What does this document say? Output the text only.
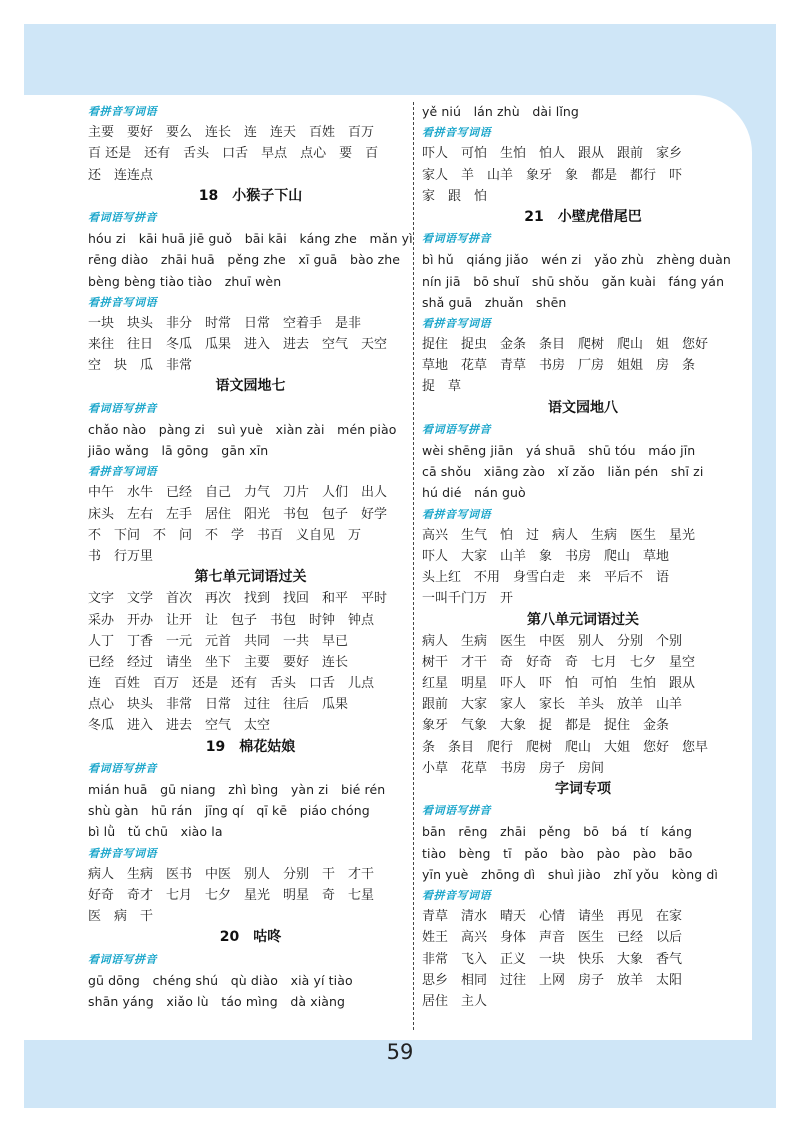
看拼音写词语
主要　要好　要么　连长　连　连天　百姓　百万
百 还是　还有　舌头　口舌　早点　点心　要　百
还　连连点
18　小猴子下山
看词语写拼音
hóu zi　kāi huā jiē guǒ　bāi kāi　káng zhe　mǎn yì
rēng diào　zhāi huā　pěng zhe　xī guā　bào zhe
bèng bèng tiào tiào　zhuī wèn
看拼音写词语
一块　块头　非分　时常　日常　空着手　是非
来往　往日　冬瓜　瓜果　进入　进去　空气　天空
空　块　瓜　非常
语文园地七
看词语写拼音
chǎo nào　pàng zi　suì yuè　xiàn zài　mén piào
jiāo wǎng　lā gōng　gān xīn
看拼音写词语
中午　水牛　已经　自己　力气　刀片　人们　出人
床头　左右　左手　居住　阳光　书包　包子　好学
不　下问　不　问　不　学　书百　义自见　万
书　行万里
第七单元词语过关
文字　文学　首次　再次　找到　找回　和平　平时
采办　开办　让开　让　包子　书包　时钟　钟点
人丁　丁香　一元　元首　共同　一共　早已
已经　经过　请坐　坐下　主要　要好　连长
连　百姓　百万　还是　还有　舌头　口舌　儿点
点心　块头　非常　日常　过往　往后　瓜果
冬瓜　进入　进去　空气　太空
19　棉花姑娘
看词语写拼音
mián huā　gū niang　zhì bìng　yàn zi　bié rén
shù gàn　hū rán　jīng qí　qī kē　piáo chóng
bì lǜ　tǔ chū　xiào la
看拼音写词语
病人　生病　医书　中医　别人　分别　干　才干
好奇　奇才　七月　七夕　星光　明星　奇　七星
医　病　干
20　咕咚
看词语写拼音
gū dōng　chéng shú　qù diào　xià yí tiào
shān yáng　xiǎo lù　táo mìng　dà xiàng
yě niú　lán zhù　dài lǐng
看拼音写词语
吓人　可怕　生怕　怕人　跟从　跟前　家乡
家人　羊　山羊　象牙　象　都是　都行　吓
家　跟　怕
21　小壁虎借尾巴
看词语写拼音
bì hǔ　qiáng jiǎo　wén zi　yǎo zhù　zhèng duàn
nín jiā　bō shuǐ　shū shǒu　gǎn kuài　fáng yán
shǎ guā　zhuǎn　shēn
看拼音写词语
捉住　捉虫　金条　条目　爬树　爬山　姐　您好
草地　花草　青草　书房　厂房　姐姐　房　条
捉　草
语文园地八
看词语写拼音
wèi shēng jiān　yá shuā　shū tóu　máo jīn
cā shǒu　xiāng zào　xǐ zǎo　liǎn pén　shī zi
hú dié　nán guò
看拼音写词语
高兴　生气　怕　过　病人　生病　医生　星光
吓人　大家　山羊　象　书房　爬山　草地
头上红　不用　身雪白走　来　平后不　语
一叫千门万　开
第八单元词语过关
病人　生病　医生　中医　别人　分别　个别
树干　才干　奇　好奇　奇　七月　七夕　星空
红星　明星　吓人　吓　怕　可怕　生怕　跟从
跟前　大家　家人　家长　羊头　放羊　山羊
象牙　气象　大象　捉　都是　捉住　金条
条　条目　爬行　爬树　爬山　大姐　您好　您早
小草　花草　书房　房子　房间
字词专项
看词语写拼音
bān　rēng　zhāi　pěng　bō　bá　tí　káng
tiào　bèng　tī　pǎo　bào　pào　pào　bāo
yīn yuè　zhōng dì　shuì jiào　zhǐ yǒu　kòng dì
看拼音写词语
青草　清水　晴天　心情　请坐　再见　在家
姓王　高兴　身体　声音　医生　已经　以后
非常　飞入　正义　一块　快乐　大象　香气
思乡　相同　过往　上网　房子　放羊　太阳
居住　主人
59
